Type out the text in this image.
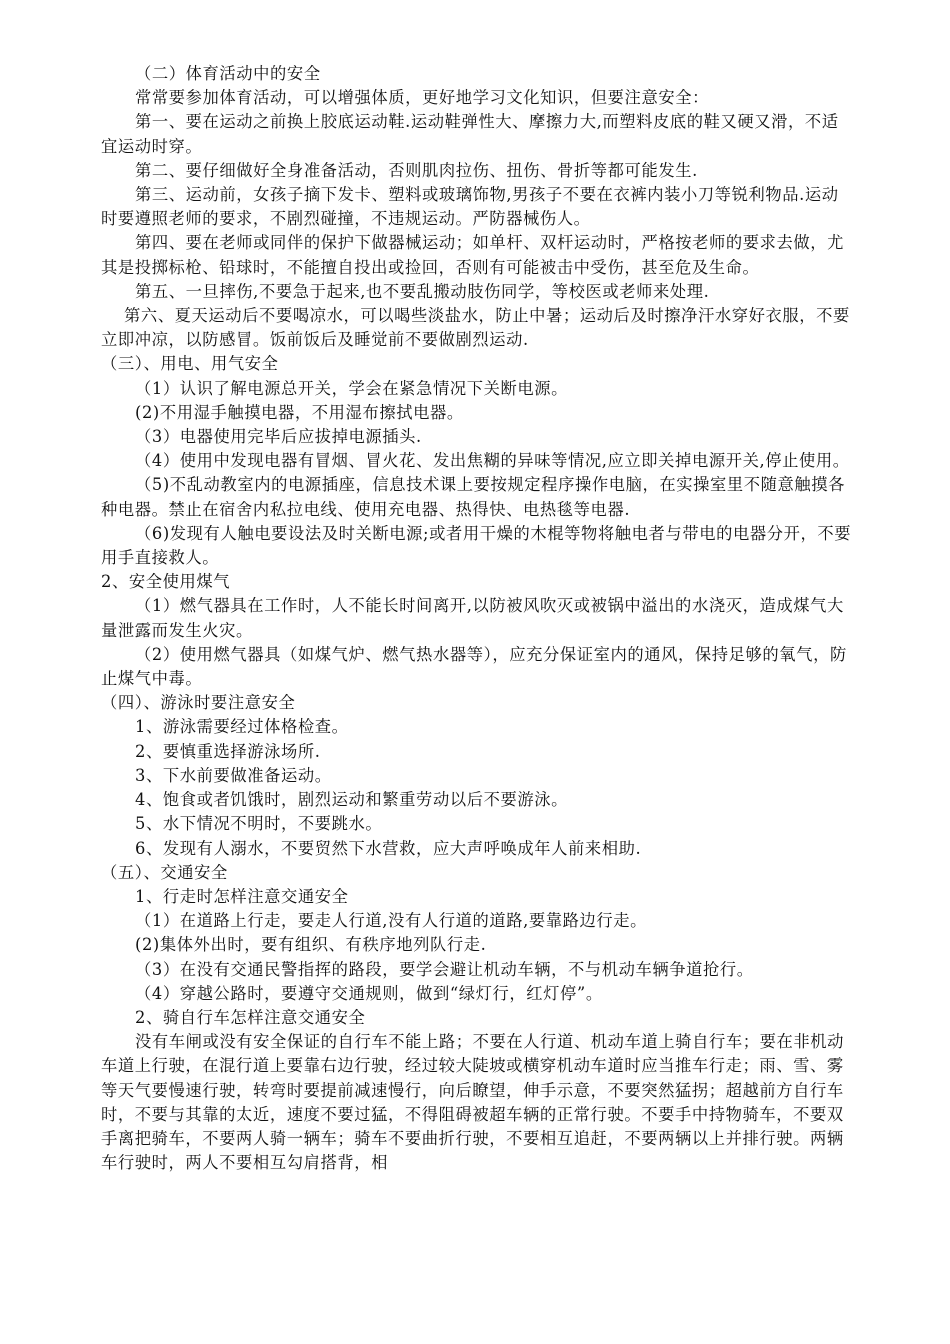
（二）体育活动中的安全

常常要参加体育活动，可以增强体质，更好地学习文化知识，但要注意安全：

第一、要在运动之前换上胶底运动鞋.运动鞋弹性大、摩擦力大,而塑料皮底的鞋又硬又滑，不适宜运动时穿。

第二、要仔细做好全身准备活动，否则肌肉拉伤、扭伤、骨折等都可能发生.

第三、运动前，女孩子摘下发卡、塑料或玻璃饰物,男孩子不要在衣裤内装小刀等锐利物品.运动时要遵照老师的要求，不剧烈碰撞，不违规运动。严防器械伤人。

第四、要在老师或同伴的保护下做器械运动；如单杆、双杆运动时，严格按老师的要求去做，尤其是投掷标枪、铅球时，不能擅自投出或捡回，否则有可能被击中受伤，甚至危及生命。

第五、一旦摔伤,不要急于起来,也不要乱搬动肢伤同学，等校医或老师来处理.

第六、夏天运动后不要喝凉水，可以喝些淡盐水，防止中暑；运动后及时擦净汗水穿好衣服，不要立即冲凉，以防感冒。饭前饭后及睡觉前不要做剧烈运动.

（三）、用电、用气安全

（1）认识了解电源总开关，学会在紧急情况下关断电源。

(2)不用湿手触摸电器，不用湿布擦拭电器。

（3）电器使用完毕后应拔掉电源插头.

（4）使用中发现电器有冒烟、冒火花、发出焦糊的异味等情况,应立即关掉电源开关,停止使用。

（5)不乱动教室内的电源插座，信息技术课上要按规定程序操作电脑，在实操室里不随意触摸各种电器。禁止在宿舍内私拉电线、使用充电器、热得快、电热毯等电器.

（6)发现有人触电要设法及时关断电源;或者用干燥的木棍等物将触电者与带电的电器分开，不要用手直接救人。

2、安全使用煤气

（1）燃气器具在工作时，人不能长时间离开,以防被风吹灭或被锅中溢出的水浇灭，造成煤气大量泄露而发生火灾。

（2）使用燃气器具（如煤气炉、燃气热水器等），应充分保证室内的通风，保持足够的氧气，防止煤气中毒。

（四）、游泳时要注意安全

1、游泳需要经过体格检查。

2、要慎重选择游泳场所.

3、下水前要做准备运动。

4、饱食或者饥饿时，剧烈运动和繁重劳动以后不要游泳。

5、水下情况不明时，不要跳水。

6、发现有人溺水，不要贸然下水营救，应大声呼唤成年人前来相助.

（五）、交通安全

1、行走时怎样注意交通安全

（1）在道路上行走，要走人行道,没有人行道的道路,要靠路边行走。

(2)集体外出时，要有组织、有秩序地列队行走.

（3）在没有交通民警指挥的路段，要学会避让机动车辆，不与机动车辆争道抢行。

（4）穿越公路时，要遵守交通规则，做到“绿灯行，红灯停”。

2、骑自行车怎样注意交通安全

没有车闸或没有安全保证的自行车不能上路；不要在人行道、机动车道上骑自行车；要在非机动车道上行驶，在混行道上要靠右边行驶，经过较大陡坡或横穿机动车道时应当推车行走；雨、雪、雾等天气要慢速行驶，转弯时要提前减速慢行，向后瞭望，伸手示意，不要突然猛拐；超越前方自行车时，不要与其靠的太近，速度不要过猛，不得阻碍被超车辆的正常行驶。不要手中持物骑车，不要双手离把骑车，不要两人骑一辆车；骑车不要曲折行驶，不要相互追赶，不要两辆以上并排行驶。两辆车行驶时，两人不要相互勾肩搭背，相
